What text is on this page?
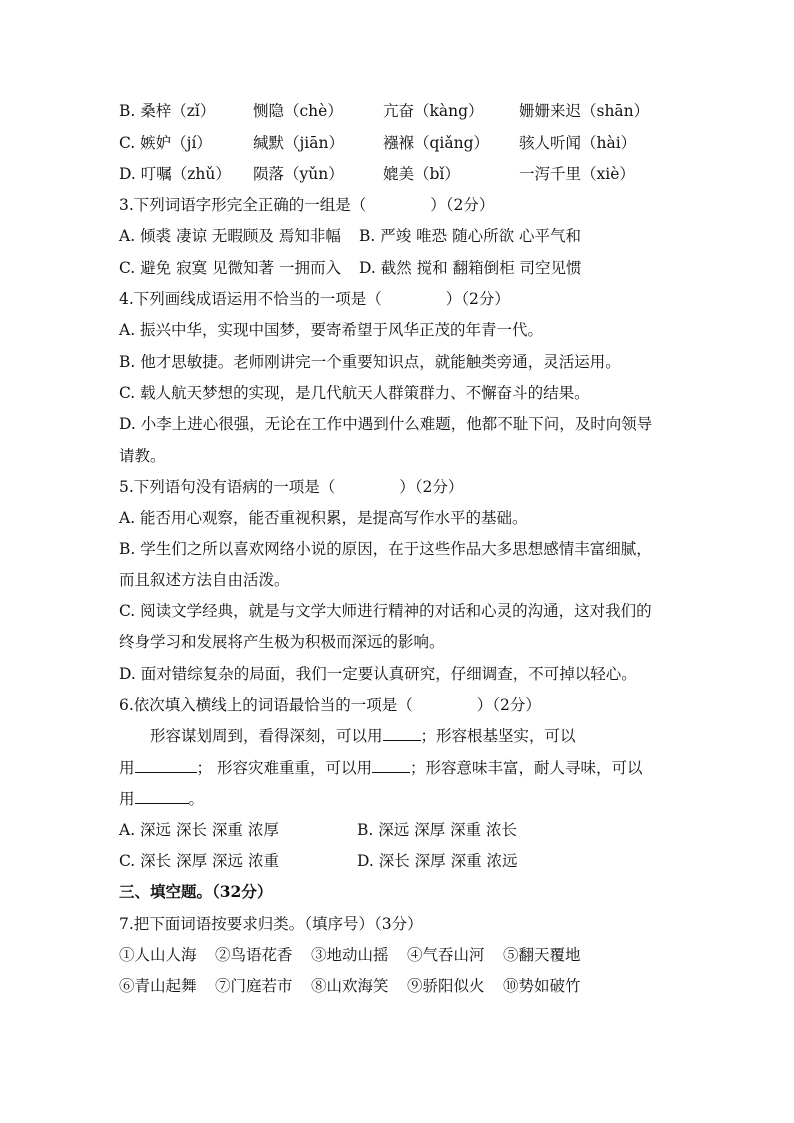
B. 桑梓（zǐ） 恻隐（chè）	亢奋（kàng） 姗姗来迟（shān）
C. 嫉妒（jí）	缄默（jiān）	襁褓（qiǎng） 骇人听闻（hài）
D. 叮嘱（zhǔ） 陨落（yǔn）	媲美（bǐ）	一泻千里（xiè）
3.下列词语字形完全正确的一组是（	）（2分）
A. 倾裘 凄谅 无暇顾及 焉知非幅 B. 严竣 唯恐 随心所欲 心平气和
C. 避免 寂寞 见微知著 一拥而入 D. 截然 搅和 翻箱倒柜 司空见惯
4.下列画线成语运用不恰当的一项是（	）（2分）
A. 振兴中华，实现中国梦，要寄希望于风华正茂的年青一代。
B. 他才思敏捷。老师刚讲完一个重要知识点，就能触类旁通，灵活运用。
C. 载人航天梦想的实现，是几代航天人群策群力、不懈奋斗的结果。
D. 小李上进心很强，无论在工作中遇到什么难题，他都不耻下问，及时向领导
请教。
5.下列语句没有语病的一项是（	）（2分）
A. 能否用心观察，能否重视积累，是提高写作水平的基础。
B. 学生们之所以喜欢网络小说的原因，在于这些作品大多思想感情丰富细腻，
而且叙述方法自由活泼。
C. 阅读文学经典，就是与文学大师进行精神的对话和心灵的沟通，这对我们的
终身学习和发展将产生极为积极而深远的影响。
D. 面对错综复杂的局面，我们一定要认真研究，仔细调查，不可掉以轻心。
6.依次填入横线上的词语最恰当的一项是（	）（2分）
形容谋划周到，看得深刻，可以用 ；形容根基坚实，可以
用	； 形容灾难重重，可以用 ；形容意味丰富，耐人寻味，可以
用	。
A. 深远 深长 深重 浓厚	B. 深远 深厚 深重 浓长
C. 深长 深厚 深远 浓重	D. 深长 深厚 深重 浓远
三、填空题。（32分）
7.把下面词语按要求归类。（填序号）（3分）
①人山人海 ②鸟语花香 ③地动山摇 ④气吞山河 ⑤翻天覆地
⑥青山起舞 ⑦门庭若市 ⑧山欢海笑 ⑨骄阳似火 ⑩势如破竹
